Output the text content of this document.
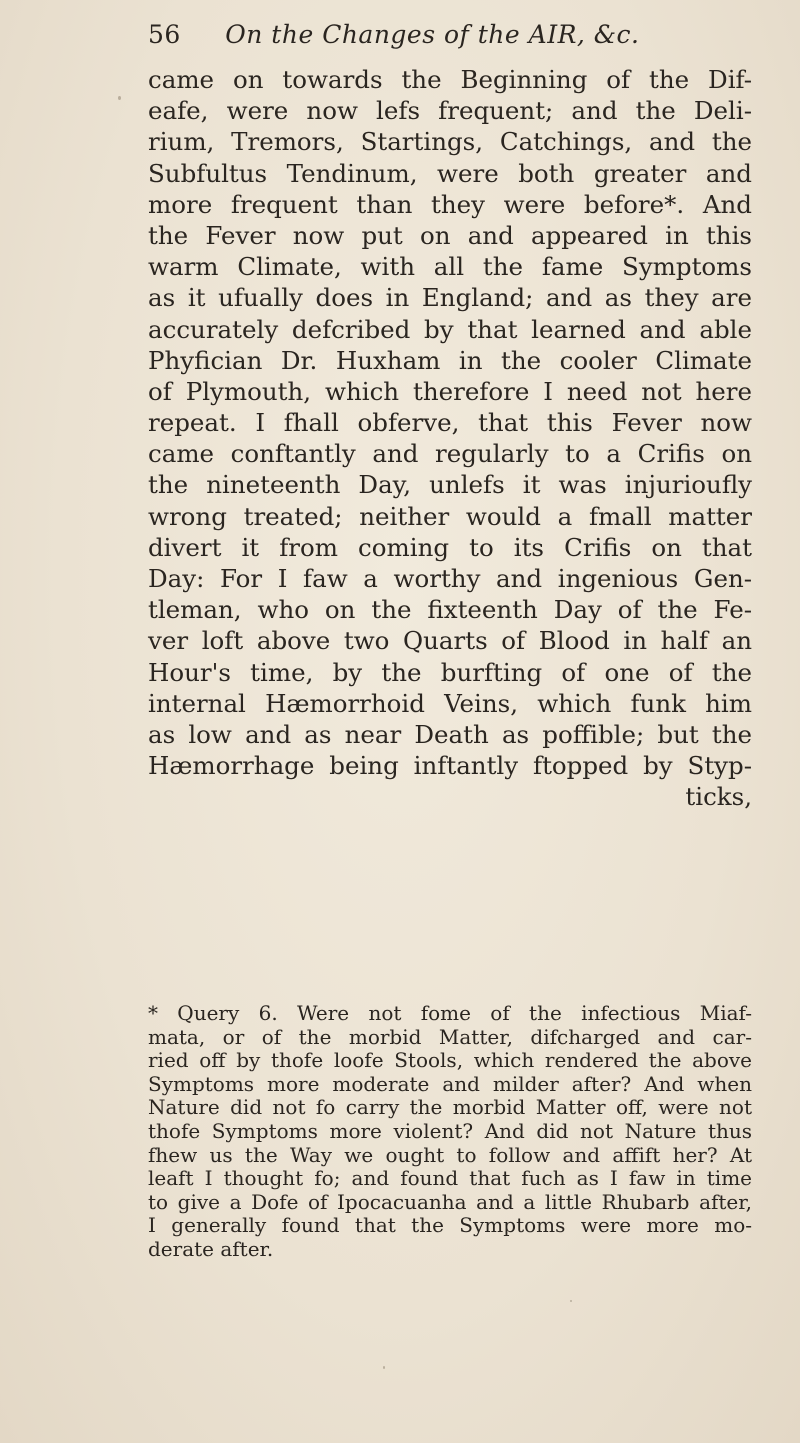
56 On the Changes of the AIR, &c.
came on towards the Beginning of the Dif-
eafe, were now lefs frequent; and the Deli-
rium, Tremors, Startings, Catchings, and the
Subfultus Tendinum, were both greater and
more frequent than they were before*. And
the Fever now put on and appeared in this
warm Climate, with all the fame Symptoms
as it ufually does in England; and as they are
accurately defcribed by that learned and able
Phyfician Dr. Huxham in the cooler Climate
of Plymouth, which therefore I need not here
repeat. I fhall obferve, that this Fever now
came conftantly and regularly to a Crifis on
the nineteenth Day, unlefs it was injurioufly
wrong treated; neither would a fmall matter
divert it from coming to its Crifis on that
Day: For I faw a worthy and ingenious Gen-
tleman, who on the fixteenth Day of the Fe-
ver loft above two Quarts of Blood in half an
Hour's time, by the burfting of one of the
internal Hæmorrhoid Veins, which funk him
as low and as near Death as poffible; but the
Hæmorrhage being inftantly ftopped by Styp-
ticks,
* Query 6. Were not fome of the infectious Miaf-
mata, or of the morbid Matter, difcharged and car-
ried off by thofe loofe Stools, which rendered the above
Symptoms more moderate and milder after? And when
Nature did not fo carry the morbid Matter off, were not
thofe Symptoms more violent? And did not Nature thus
fhew us the Way we ought to follow and affift her? At
leaft I thought fo; and found that fuch as I faw in time
to give a Dofe of Ipocacuanha and a little Rhubarb after,
I generally found that the Symptoms were more mo-
derate after.
